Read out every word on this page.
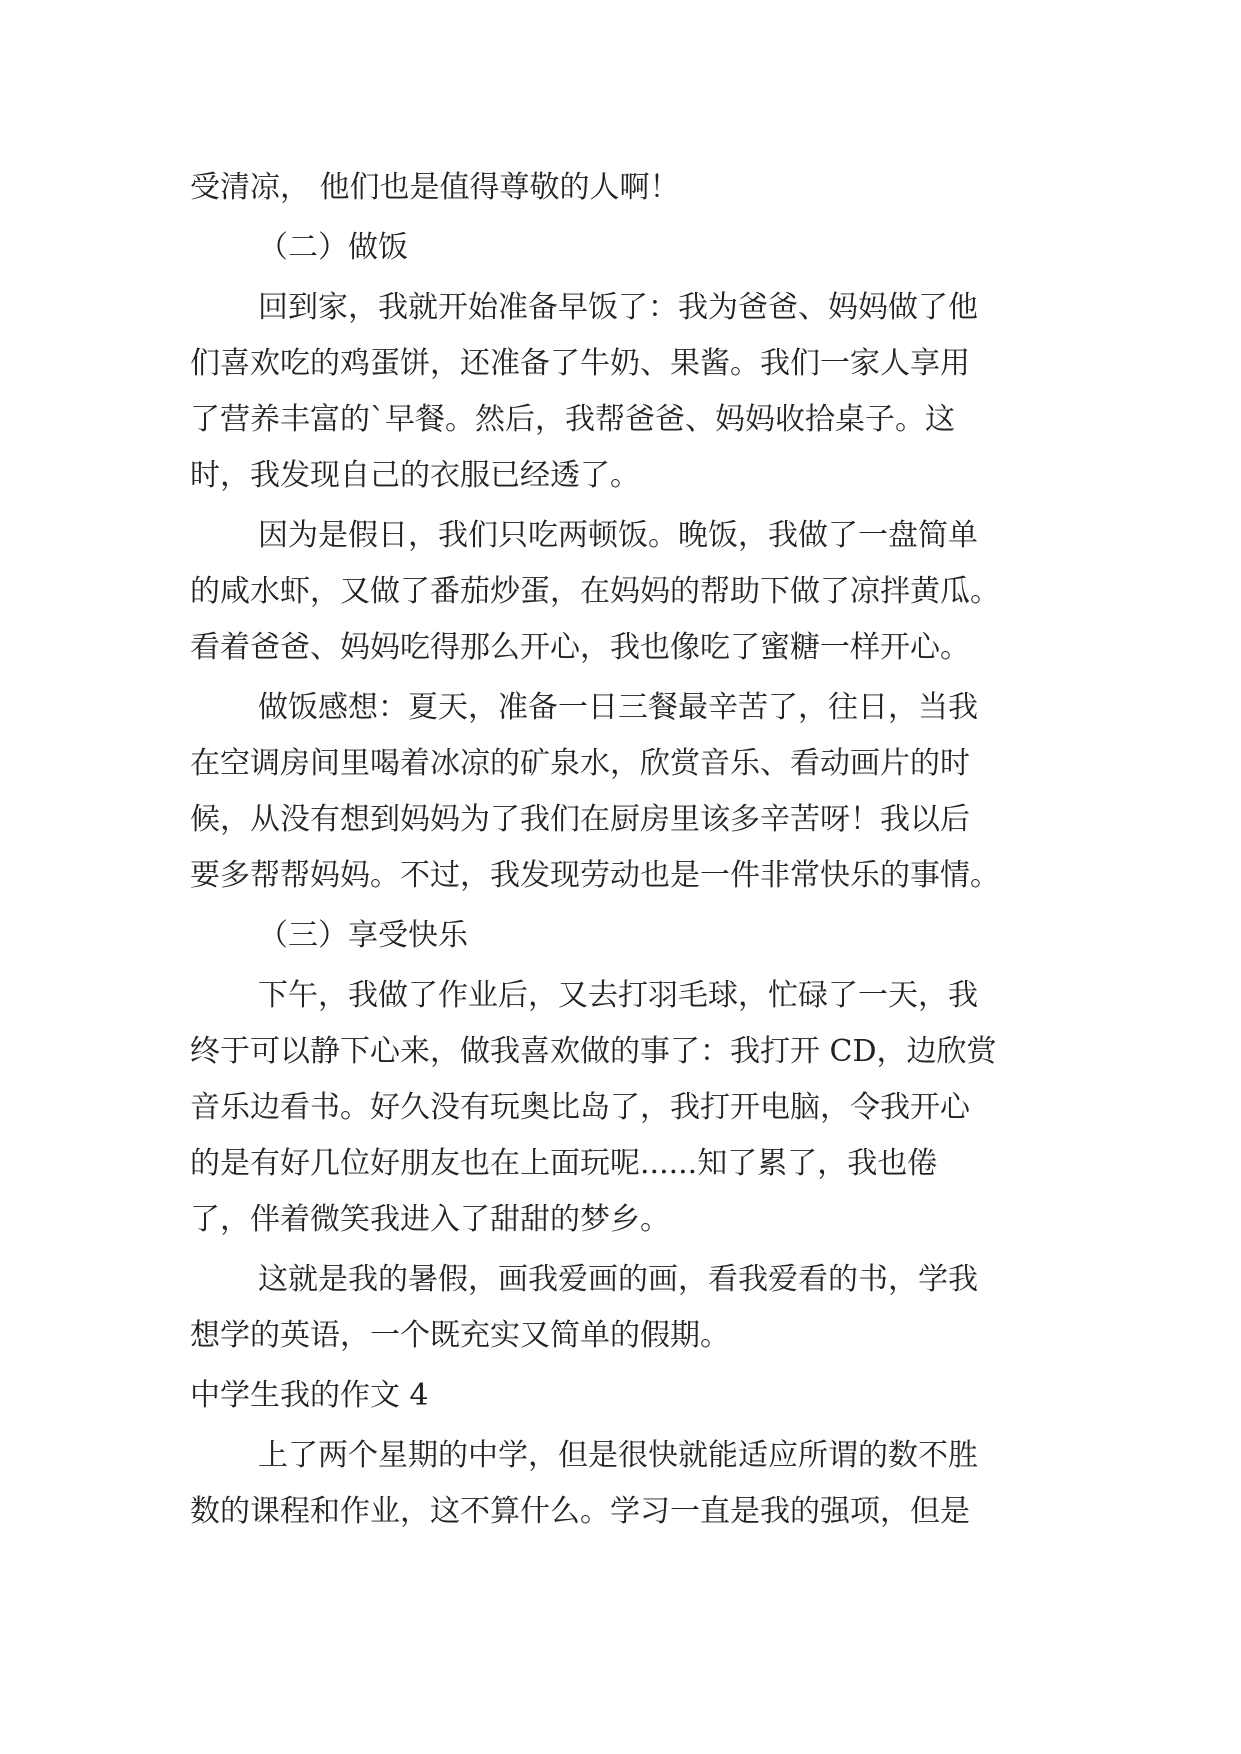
受清凉， 他们也是值得尊敬的人啊！
（二）做饭
回到家，我就开始准备早饭了：我为爸爸、妈妈做了他
们喜欢吃的鸡蛋饼，还准备了牛奶、果酱。我们一家人享用
了营养丰富的`早餐。然后，我帮爸爸、妈妈收拾桌子。这
时，我发现自己的衣服已经透了。
因为是假日，我们只吃两顿饭。晚饭，我做了一盘简单
的咸水虾，又做了番茄炒蛋，在妈妈的帮助下做了凉拌黄瓜。
看着爸爸、妈妈吃得那么开心，我也像吃了蜜糖一样开心。
做饭感想：夏天，准备一日三餐最辛苦了，往日，当我
在空调房间里喝着冰凉的矿泉水，欣赏音乐、看动画片的时
候，从没有想到妈妈为了我们在厨房里该多辛苦呀！我以后
要多帮帮妈妈。不过，我发现劳动也是一件非常快乐的事情。
（三）享受快乐
下午，我做了作业后，又去打羽毛球，忙碌了一天，我
终于可以静下心来，做我喜欢做的事了：我打开 CD，边欣赏
音乐边看书。好久没有玩奥比岛了，我打开电脑，令我开心
的是有好几位好朋友也在上面玩呢......知了累了，我也倦
了，伴着微笑我进入了甜甜的梦乡。
这就是我的暑假，画我爱画的画，看我爱看的书，学我
想学的英语，一个既充实又简单的假期。
中学生我的作文 4
上了两个星期的中学，但是很快就能适应所谓的数不胜
数的课程和作业，这不算什么。学习一直是我的强项，但是
